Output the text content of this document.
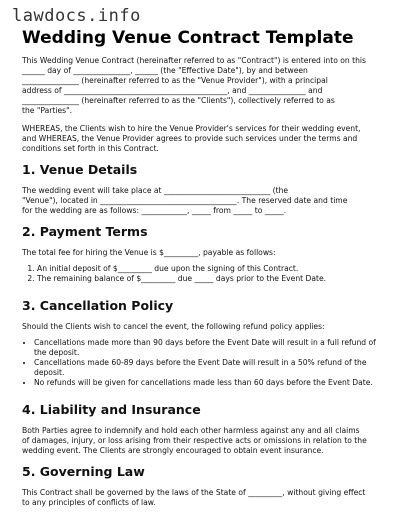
lawdocs.info
Wedding Venue Contract Template

This Wedding Venue Contract (hereinafter referred to as "Contract") is entered into on this
______ day of _______________, ______ (the "Effective Date"), by and between
_______________ (hereinafter referred to as the "Venue Provider"), with a principal
address of ___________________________________________, and _______________ and
_______________ (hereinafter referred to as the "Clients"), collectively referred to as
the "Parties".

WHEREAS, the Clients wish to hire the Venue Provider's services for their wedding event,
and WHEREAS, the Venue Provider agrees to provide such services under the terms and
conditions set forth in this Contract.

1. Venue Details

The wedding event will take place at ____________________________ (the
"Venue"), located in ____________________________________. The reserved date and time
for the wedding are as follows: ____________, _____ from _____ to _____.

2. Payment Terms

The total fee for hiring the Venue is $_________, payable as follows:

1. An initial deposit of $_________ due upon the signing of this Contract.
2. The remaining balance of $_________ due _____ days prior to the Event Date.
3. Cancellation Policy

Should the Clients wish to cancel the event, the following refund policy applies:

• Cancellations made more than 90 days before the Event Date will result in a full refund of the deposit.
• Cancellations made 60-89 days before the Event Date will result in a 50% refund of the deposit.
• No refunds will be given for cancellations made less than 60 days before the Event Date.
4. Liability and Insurance

Both Parties agree to indemnify and hold each other harmless against any and all claims
of damages, injury, or loss arising from their respective acts or omissions in relation to the
wedding event. The Clients are strongly encouraged to obtain event insurance.

5. Governing Law

This Contract shall be governed by the laws of the State of _________, without giving effect
to any principles of conflicts of law.
